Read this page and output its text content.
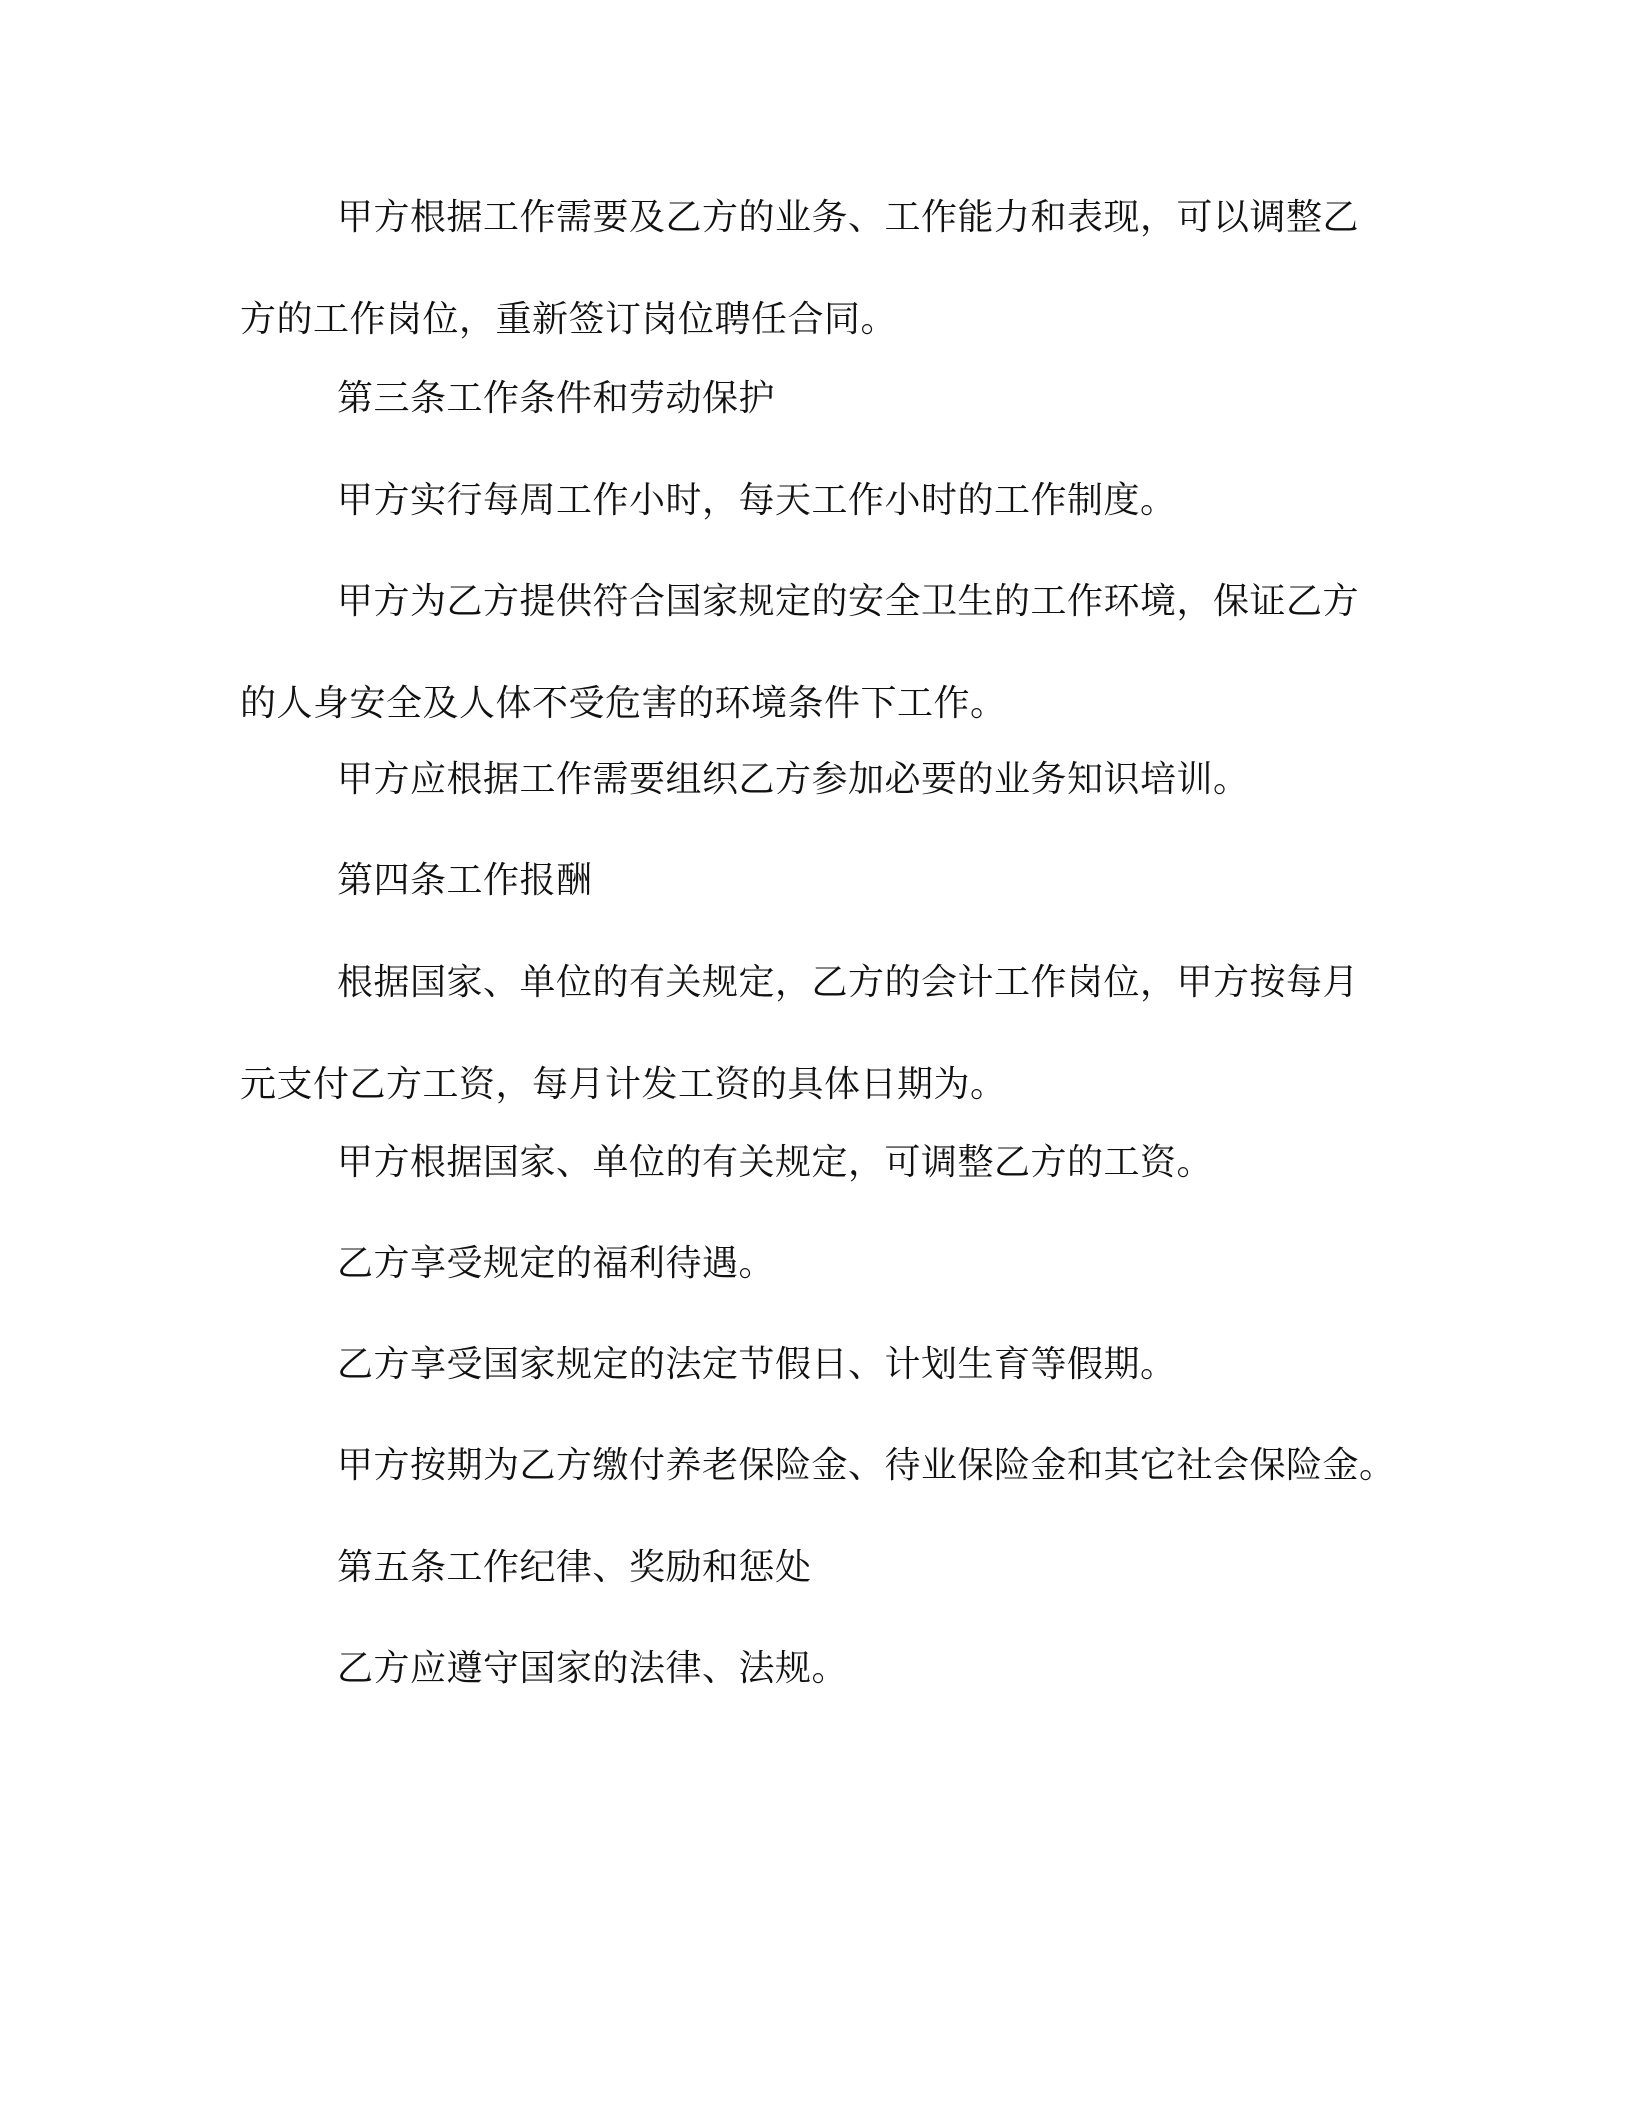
甲方根据工作需要及乙方的业务、工作能力和表现，可以调整乙方的工作岗位，重新签订岗位聘任合同。

第三条工作条件和劳动保护

甲方实行每周工作小时，每天工作小时的工作制度。

甲方为乙方提供符合国家规定的安全卫生的工作环境，保证乙方的人身安全及人体不受危害的环境条件下工作。

甲方应根据工作需要组织乙方参加必要的业务知识培训。

第四条工作报酬

根据国家、单位的有关规定，乙方的会计工作岗位，甲方按每月元支付乙方工资，每月计发工资的具体日期为。

甲方根据国家、单位的有关规定，可调整乙方的工资。

乙方享受规定的福利待遇。

乙方享受国家规定的法定节假日、计划生育等假期。

甲方按期为乙方缴付养老保险金、待业保险金和其它社会保险金。

第五条工作纪律、奖励和惩处

乙方应遵守国家的法律、法规。
